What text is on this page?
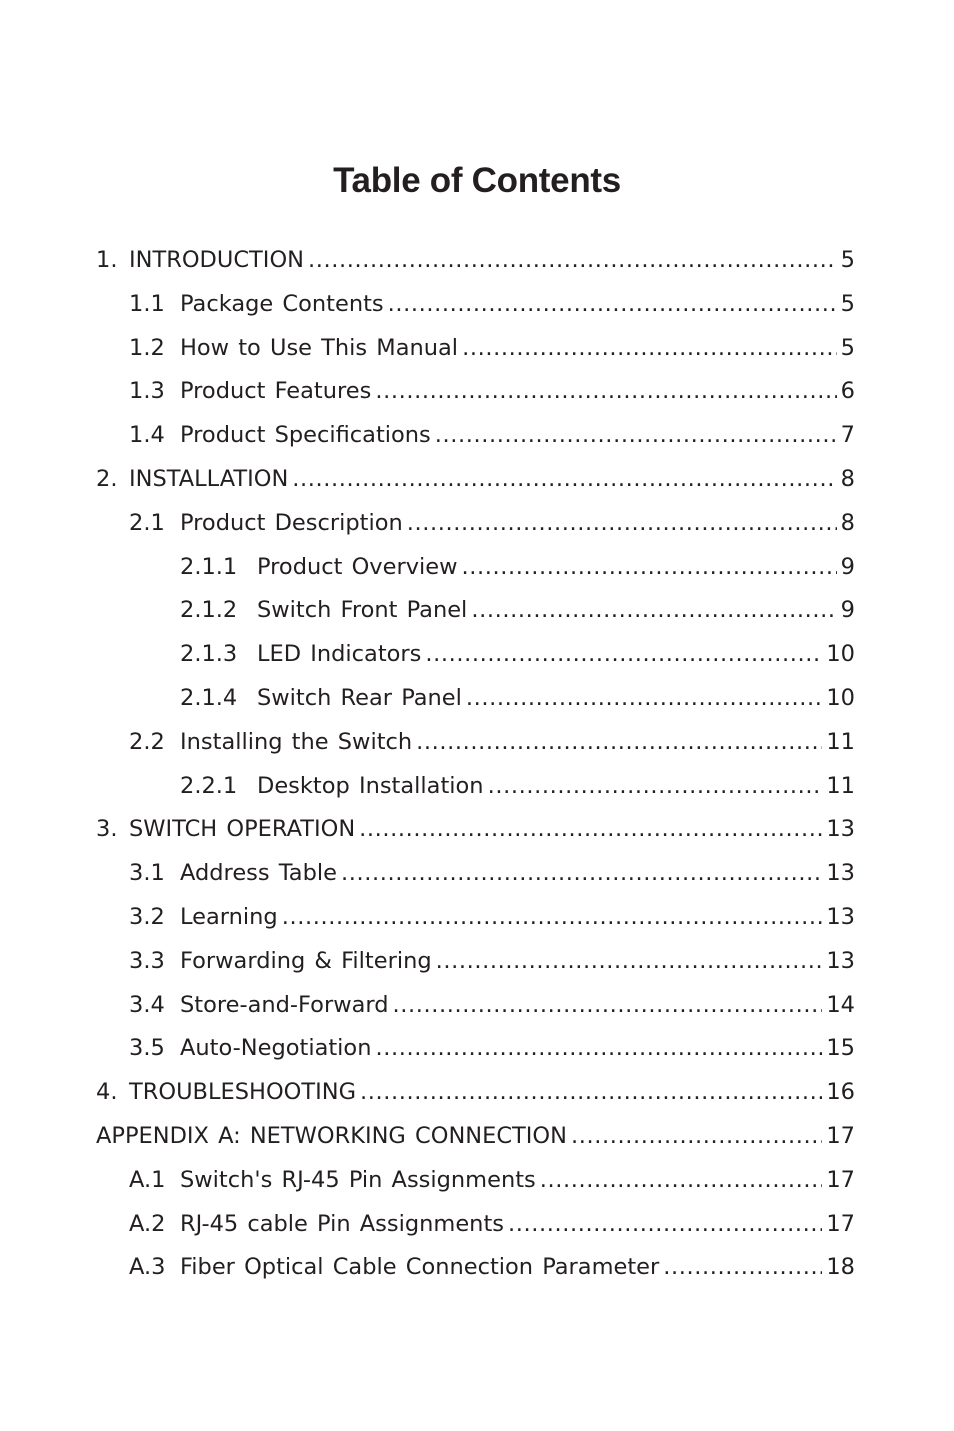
Table of Contents
1. INTRODUCTION .....	5
1.1 Package Contents .....	5
1.2 How to Use This Manual .....	5
1.3 Product Features .....	6
1.4 Product Specifications .....	7
2. INSTALLATION .....	8
2.1 Product Description .....	8
2.1.1 Product Overview .....	9
2.1.2 Switch Front Panel .....	9
2.1.3 LED Indicators .....	10
2.1.4 Switch Rear Panel .....	10
2.2 Installing the Switch .....	11
2.2.1 Desktop Installation .....	11
3. SWITCH OPERATION .....	13
3.1 Address Table .....	13
3.2 Learning .....	13
3.3 Forwarding & Filtering .....	13
3.4 Store-and-Forward .....	14
3.5 Auto-Negotiation .....	15
4. TROUBLESHOOTING .....	16
APPENDIX A: NETWORKING CONNECTION .....	17
A.1 Switch's RJ-45 Pin Assignments .....	17
A.2 RJ-45 cable Pin Assignments .....	17
A.3 Fiber Optical Cable Connection Parameter .....	18
